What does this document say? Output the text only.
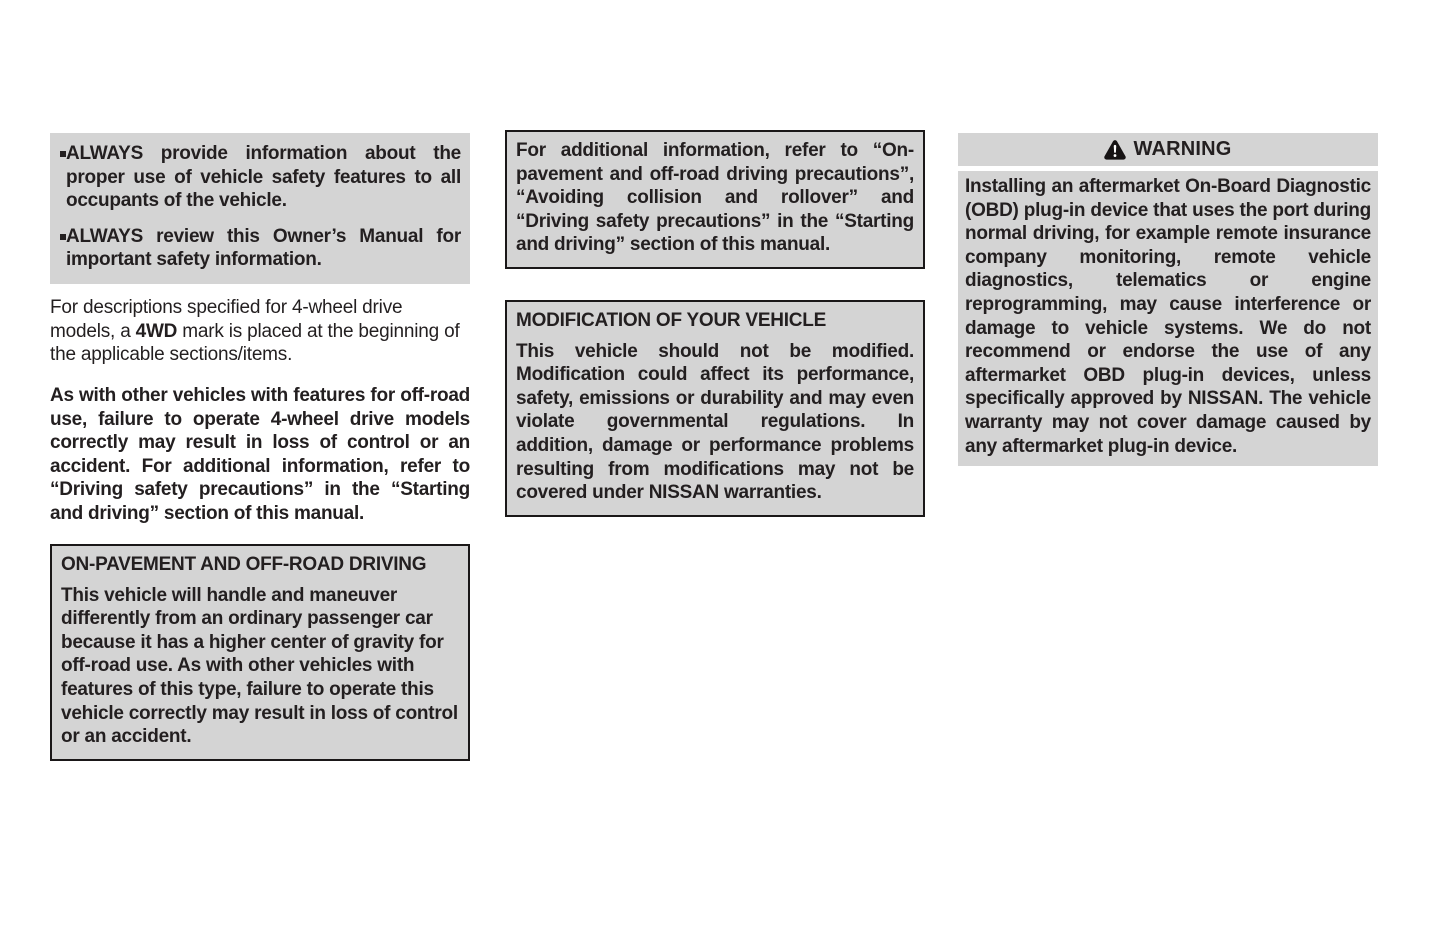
ALWAYS provide information about the proper use of vehicle safety features to all occupants of the vehicle.
ALWAYS review this Owner’s Manual for important safety information.

For descriptions specified for 4-wheel drive models, a 4WD mark is placed at the beginning of the applicable sections/items.

As with other vehicles with features for off-road use, failure to operate 4-wheel drive models correctly may result in loss of control or an accident. For additional information, refer to “Driving safety precautions” in the “Starting and driving” section of this manual.

ON-PAVEMENT AND OFF-ROAD DRIVING
This vehicle will handle and maneuver differently from an ordinary passenger car because it has a higher center of gravity for off-road use. As with other vehicles with features of this type, failure to operate this vehicle correctly may result in loss of control or an accident.
For additional information, refer to “On-pavement and off-road driving precautions”, “Avoiding collision and rollover” and “Driving safety precautions” in the “Starting and driving” section of this manual.
MODIFICATION OF YOUR VEHICLE
This vehicle should not be modified. Modification could affect its performance, safety, emissions or durability and may even violate governmental regulations. In addition, damage or performance problems resulting from modifications may not be covered under NISSAN warranties.
WARNING
Installing an aftermarket On-Board Diagnostic (OBD) plug-in device that uses the port during normal driving, for example remote insurance company monitoring, remote vehicle diagnostics, telematics or engine reprogramming, may cause interference or damage to vehicle systems. We do not recommend or endorse the use of any aftermarket OBD plug-in devices, unless specifically approved by NISSAN. The vehicle warranty may not cover damage caused by any aftermarket plug-in device.
